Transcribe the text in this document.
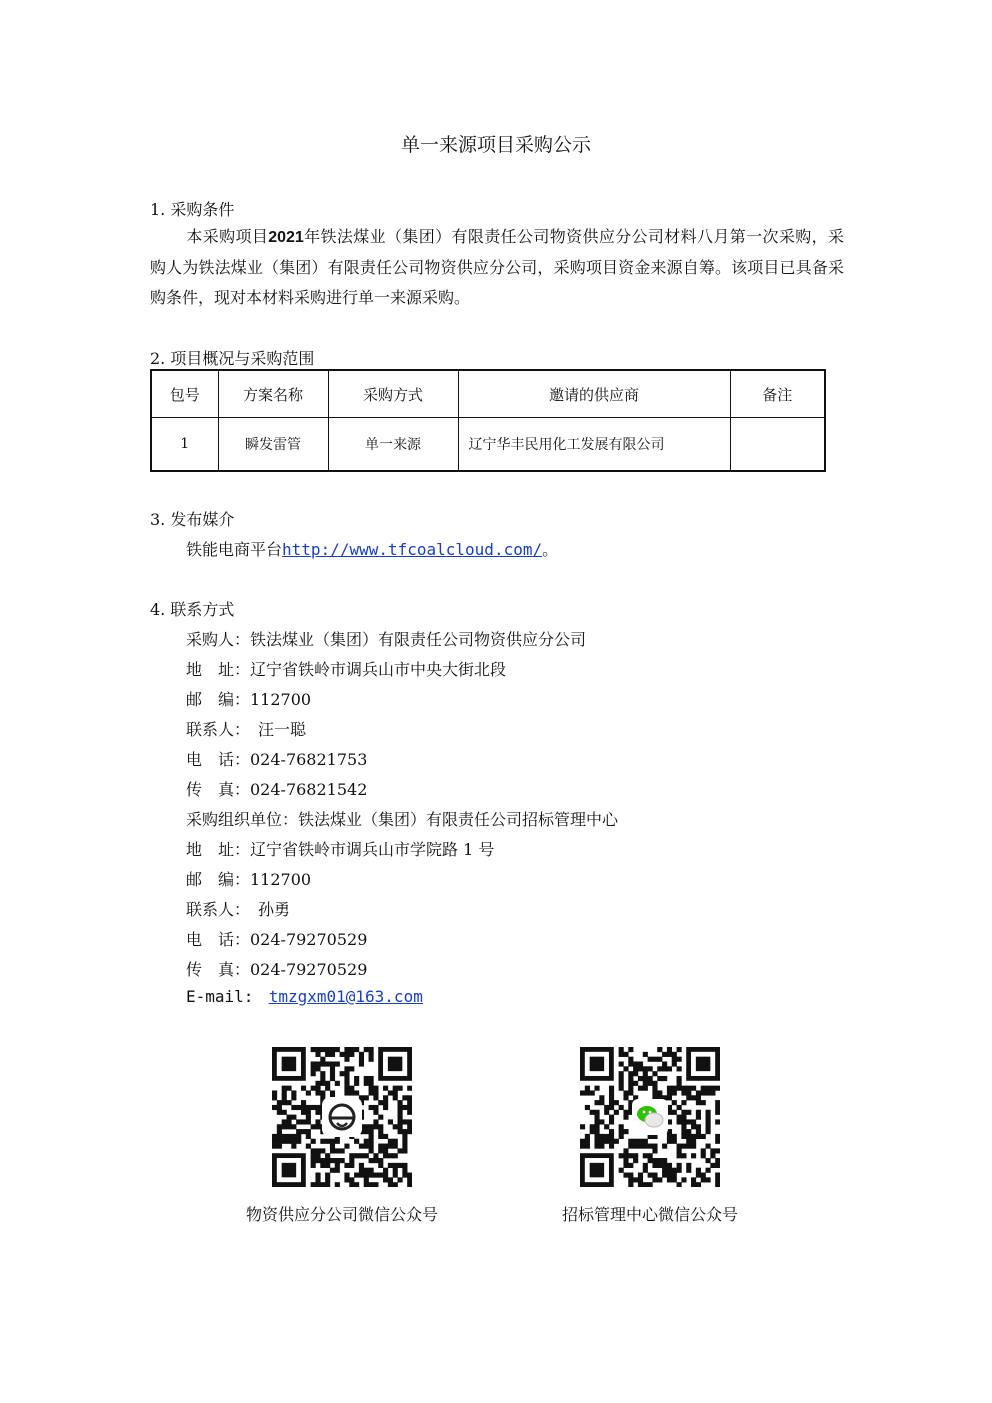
单一来源项目采购公示
1. 采购条件
本采购项目2021年铁法煤业（集团）有限责任公司物资供应分公司材料八月第一次采购，采购人为铁法煤业（集团）有限责任公司物资供应分公司，采购项目资金来源自筹。该项目已具备采购条件，现对本材料采购进行单一来源采购。
2. 项目概况与采购范围
包号	方案名称	采购方式	邀请的供应商	备注
1	瞬发雷管	单一来源	辽宁华丰民用化工发展有限公司	
3. 发布媒介
铁能电商平台http://www.tfcoalcloud.com/。
4. 联系方式
采购人：铁法煤业（集团）有限责任公司物资供应分公司
地　址：辽宁省铁岭市调兵山市中央大街北段
邮　编：112700
联系人：　汪一聪
电　话：024-76821753
传　真：024-76821542
采购组织单位：铁法煤业（集团）有限责任公司招标管理中心
地　址：辽宁省铁岭市调兵山市学院路 1 号
邮　编：112700
联系人：　孙勇
电　话：024-79270529
传　真：024-79270529
E-mail: tmzgxm01@163.com
物资供应分公司微信公众号	招标管理中心微信公众号
